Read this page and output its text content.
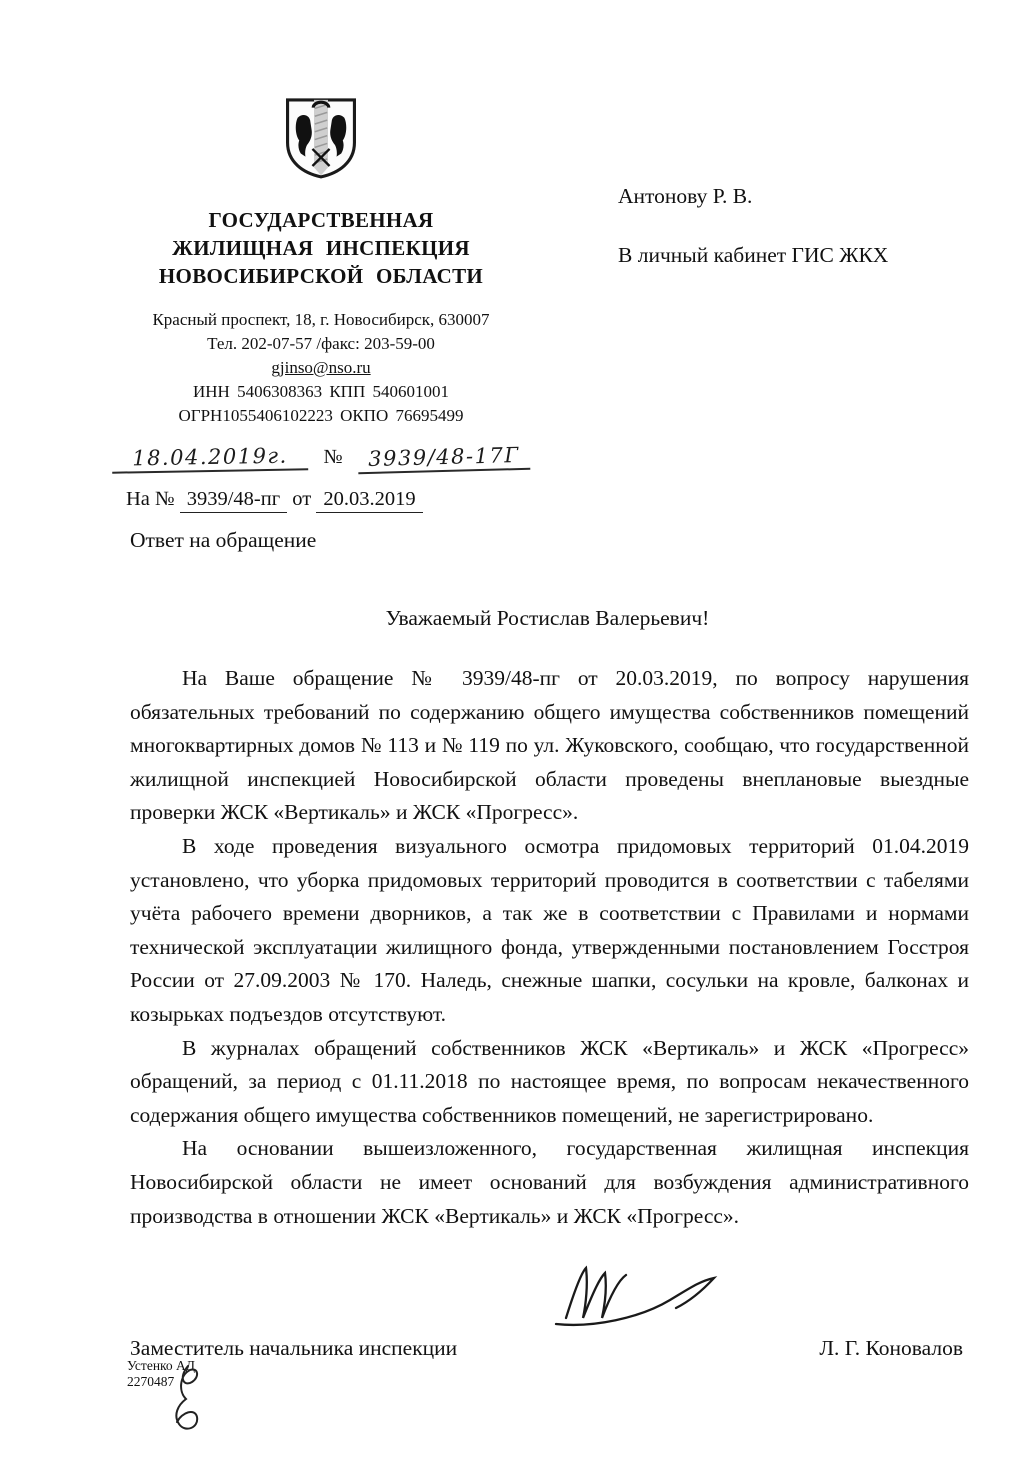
ГОСУДАРСТВЕННАЯ
ЖИЛИЩНАЯ ИНСПЕКЦИЯ
НОВОСИБИРСКОЙ ОБЛАСТИ
Красный проспект, 18, г. Новосибирск, 630007
Тел. 202-07-57 /факс: 203-59-00
gjinso@nso.ru
ИНН 5406308363 КПП 540601001
ОГРН1055406102223 ОКПО 76695499
18.04.2019г.	№	3939/48-17Г
На № 3939/48-пг от 20.03.2019
Антонову Р. В.
В личный кабинет ГИС ЖКХ
Ответ на обращение
Уважаемый Ростислав Валерьевич!

На Ваше обращение № 3939/48-пг от 20.03.2019, по вопросу нарушения обязательных требований по содержанию общего имущества собственников помещений многоквартирных домов № 113 и № 119 по ул. Жуковского, сообщаю, что государственной жилищной инспекцией Новосибирской области проведены внеплановые выездные проверки ЖСК «Вертикаль» и ЖСК «Прогресс».

В ходе проведения визуального осмотра придомовых территорий 01.04.2019 установлено, что уборка придомовых территорий проводится в соответствии с табелями учёта рабочего времени дворников, а так же в соответствии с Правилами и нормами технической эксплуатации жилищного фонда, утвержденными постановлением Госстроя России от 27.09.2003 № 170. Наледь, снежные шапки, сосульки на кровле, балконах и козырьках подъездов отсутствуют.

В журналах обращений собственников ЖСК «Вертикаль» и ЖСК «Прогресс» обращений, за период с 01.11.2018 по настоящее время, по вопросам некачественного содержания общего имущества собственников помещений, не зарегистрировано.

На основании вышеизложенного, государственная жилищная инспекция Новосибирской области не имеет оснований для возбуждения административного производства в отношении ЖСК «Вертикаль» и ЖСК «Прогресс».

Заместитель начальника инспекции	Л. Г. Коновалов
Устенко АД
2270487
